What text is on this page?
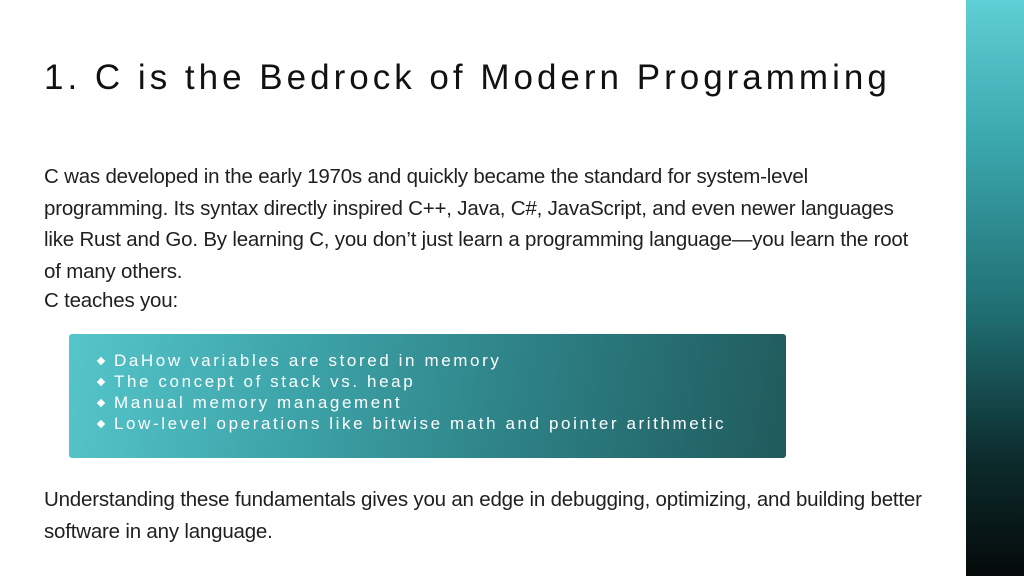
1. C is the Bedrock of Modern Programming

C was developed in the early 1970s and quickly became the standard for system-level programming. Its syntax directly inspired C++, Java, C#, JavaScript, and even newer languages like Rust and Go. By learning C, you don’t just learn a programming language—you learn the root of many others.

C teaches you:
DaHow variables are stored in memory
The concept of stack vs. heap
Manual memory management
Low-level operations like bitwise math and pointer arithmetic

Understanding these fundamentals gives you an edge in debugging, optimizing, and building better software in any language.
